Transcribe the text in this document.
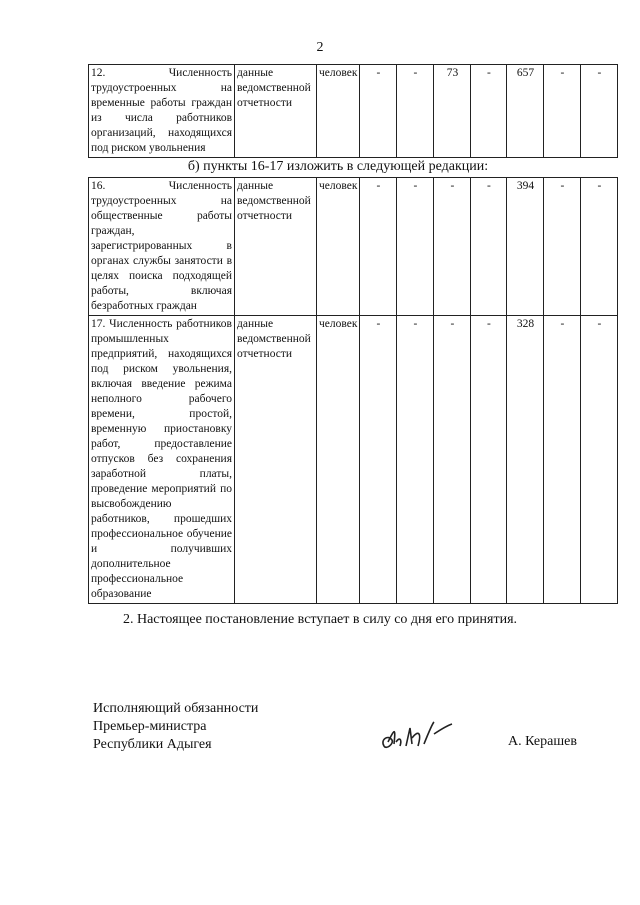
2
12. Численность трудоустроенных на временные работы граждан из числа работников организаций, находящихся под риском увольнения	данные ведомственной отчетности	человек	-	-	73	-	657	-	-
б) пункты 16-17 изложить в следующей редакции:
16. Численность трудоустроенных на общественные работы граждан, зарегистрированных в органах службы занятости в целях поиска подходящей работы, включая безработных граждан	данные ведомственной отчетности	человек	-	-	-	-	394	-	-
17. Численность работников промышленных предприятий, находящихся под риском увольнения, включая введение режима неполного рабочего времени, простой, временную приостановку работ, предоставление отпусков без сохранения заработной платы, проведение мероприятий по высвобождению работников, прошедших профессиональное обучение и получивших дополнительное профессиональное образование	данные ведомственной отчетности	человек	-	-	-	-	328	-	-
2. Настоящее постановление вступает в силу со дня его принятия.
Исполняющий обязанности
Премьер-министра
Республики Адыгея	А. Керашев
